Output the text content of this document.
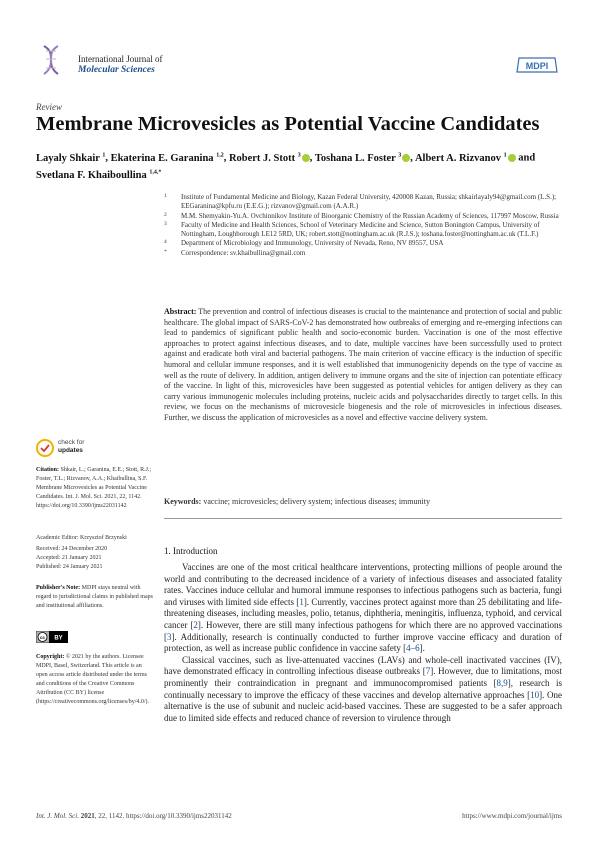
International Journal of
Molecular Sciences	MDPI
Review
Membrane Microvesicles as Potential Vaccine Candidates
Layaly Shkair $^1$, Ekaterina E. Garanina $^{1,2}$, Robert J. Stott $^3$ , Toshana L. Foster $^3$ , Albert A. Rizvanov $^1$ and Svetlana F. Khaiboullina $^{1,4,*}$
1 Institute of Fundamental Medicine and Biology, Kazan Federal University, 420008 Kazan, Russia; shkairlayaly94@gmail.com (L.S.); EEGaranina@kpfu.ru (E.E.G.); rizvanov@gmail.com (A.A.R.)
2 M.M. Shemyakin-Yu.A. Ovchinnikov Institute of Bioorganic Chemistry of the Russian Academy of Sciences, 117997 Moscow, Russia
3 Faculty of Medicine and Health Sciences, School of Veterinary Medicine and Science, Sutton Bonington Campus, University of Nottingham, Loughborough LE12 5RD, UK; robert.stott@nottingham.ac.uk (R.J.S.); toshana.foster@nottingham.ac.uk (T.L.F.)
4 Department of Microbiology and Immunology, University of Nevada, Reno, NV 89557, USA
* Correspondence: sv.khaibullina@gmail.com
Abstract: The prevention and control of infectious diseases is crucial to the maintenance and protection of social and public healthcare. The global impact of SARS-CoV-2 has demonstrated how outbreaks of emerging and re-emerging infections can lead to pandemics of significant public health and socio-economic burden. Vaccination is one of the most effective approaches to protect against infectious diseases, and to date, multiple vaccines have been successfully used to protect against and eradicate both viral and bacterial pathogens. The main criterion of vaccine efficacy is the induction of specific humoral and cellular immune responses, and it is well established that immunogenicity depends on the type of vaccine as well as the route of delivery. In addition, antigen delivery to immune organs and the site of injection can potentiate efficacy of the vaccine. In light of this, microvesicles have been suggested as potential vehicles for antigen delivery as they can carry various immunogenic molecules including proteins, nucleic acids and polysaccharides directly to target cells. In this review, we focus on the mechanisms of microvesicle biogenesis and the role of microvesicles in infectious diseases. Further, we discuss the application of microvesicles as a novel and effective vaccine delivery system.
Keywords: vaccine; microvesicles; delivery system; infectious diseases; immunity
check for
updates
Citation: Shkair, L.; Garanina, E.E.; Stott, R.J.; Foster, T.L.; Rizvanov, A.A.; Khaibullina, S.F. Membrane Microvesicles as Potential Vaccine Candidates. Int. J. Mol. Sci. 2021, 22, 1142. https://doi.org/10.3390/ijms22031142
Academic Editor: Krzysztof Brzynski
Received: 24 December 2020
Accepted: 21 January 2021
Published: 24 January 2021
Publisher's Note: MDPI stays neutral with regard to jurisdictional claims in published maps and institutional affiliations.
cc BY
Copyright: © 2021 by the authors. Licensee MDPI, Basel, Switzerland. This article is an open access article distributed under the terms and conditions of the Creative Commons Attribution (CC BY) license (https://creativecommons.org/licenses/by/4.0/).
1. Introduction

Vaccines are one of the most critical healthcare interventions, protecting millions of people around the world and contributing to the decreased incidence of a variety of infectious diseases and associated fatality rates. Vaccines induce cellular and humoral immune responses to infectious pathogens such as bacteria, fungi and viruses with limited side effects [1]. Currently, vaccines protect against more than 25 debilitating and life-threatening diseases, including measles, polio, tetanus, diphtheria, meningitis, influenza, typhoid, and cervical cancer [2]. However, there are still many infectious pathogens for which there are no approved vaccinations [3]. Additionally, research is continually conducted to further improve vaccine efficacy and duration of protection, as well as increase public confidence in vaccine safety [4–6].

Classical vaccines, such as live-attenuated vaccines (LAVs) and whole-cell inactivated vaccines (IV), have demonstrated efficacy in controlling infectious disease outbreaks [7]. However, due to limitations, most prominently their contraindication in pregnant and immunocompromised patients [8,9], research is continually necessary to improve the efficacy of these vaccines and develop alternative approaches [10]. One alternative is the use of subunit and nucleic acid-based vaccines. These are suggested to be a safer approach due to limited side effects and reduced chance of reversion to virulence through

Int. J. Mol. Sci. 2021, 22, 1142. https://doi.org/10.3390/ijms22031142	https://www.mdpi.com/journal/ijms
